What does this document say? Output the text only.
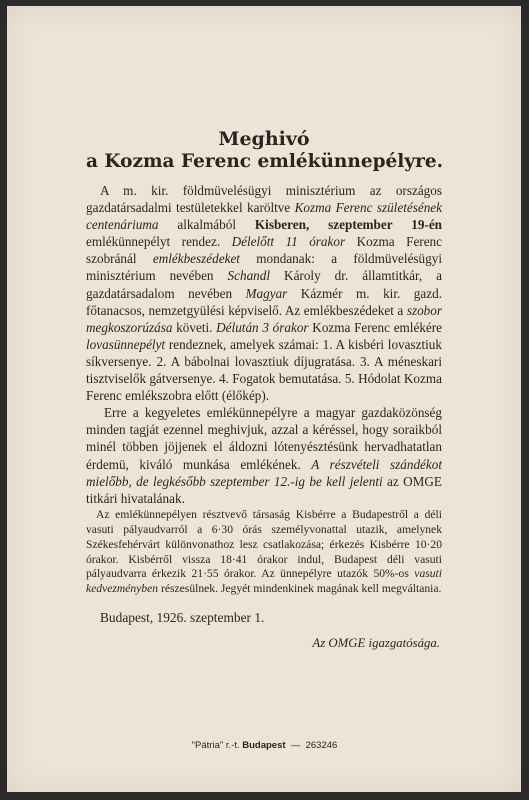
Meghivó
a Kozma Ferenc emlékünnepélyre.

A m. kir. földmüvelésügyi minisztérium az országos gazdatársadalmi testületekkel karöltve Kozma Ferenc születésének centenáriuma alkalmából Kisberen, szeptember 19-én emlékünnepélyt rendez. Délelőtt 11 órakor Kozma Ferenc szobránál emlékbeszédeket mondanak: a földmüvelésügyi minisztérium nevében Schandl Károly dr. államtitkár, a gazdatársadalom nevében Magyar Kázmér m. kir. gazd. főtanacsos, nemzetgyülési képviselő. Az emlékbeszédeket a szobor megkoszorúzása követi. Délután 3 órakor Kozma Ferenc emlékére lovasünnepélyt rendeznek, amelyek számai: 1. A kisbéri lovasztiuk síkversenye. 2. A bábolnai lovasztiuk díjugratása. 3. A méneskari tisztviselők gátversenye. 4. Fogatok bemutatása. 5. Hódolat Kozma Ferenc emlékszobra előtt (élőkép).

Erre a kegyeletes emlékünnepélyre a magyar gazdaközönség minden tagját ezennel meghivjuk, azzal a kéréssel, hogy soraikból minél többen jöjjenek el áldozni lótenyésztésünk hervadhatatlan érdemü, kiváló munkása emlékének. A részvételi szándékot mielőbb, de legkésőbb szeptember 12.-ig be kell jelenti az OMGE titkári hivatalának.

Az emlékünnepélyen résztvevő társaság Kisbérre a Budapestről a déli vasuti pályaudvarról a 6·30 órás személyvonattal utazik, amelynek Székesfehérvárt különvonathoz lesz csatlakozása; érkezés Kisbérre 10·20 órakor. Kisbérről vissza 18·41 órakor indul, Budapest déli vasuti pályaudvarra érkezik 21·55 órakor. Az ünnepélyre utazók 50%-os vasuti kedvezményben részesülnek. Jegyét mindenkinek magának kell megváltania.

Budapest, 1926. szeptember 1.
Az OMGE igazgatósága.
"Pátria" r.-t. Budapest — 263246
